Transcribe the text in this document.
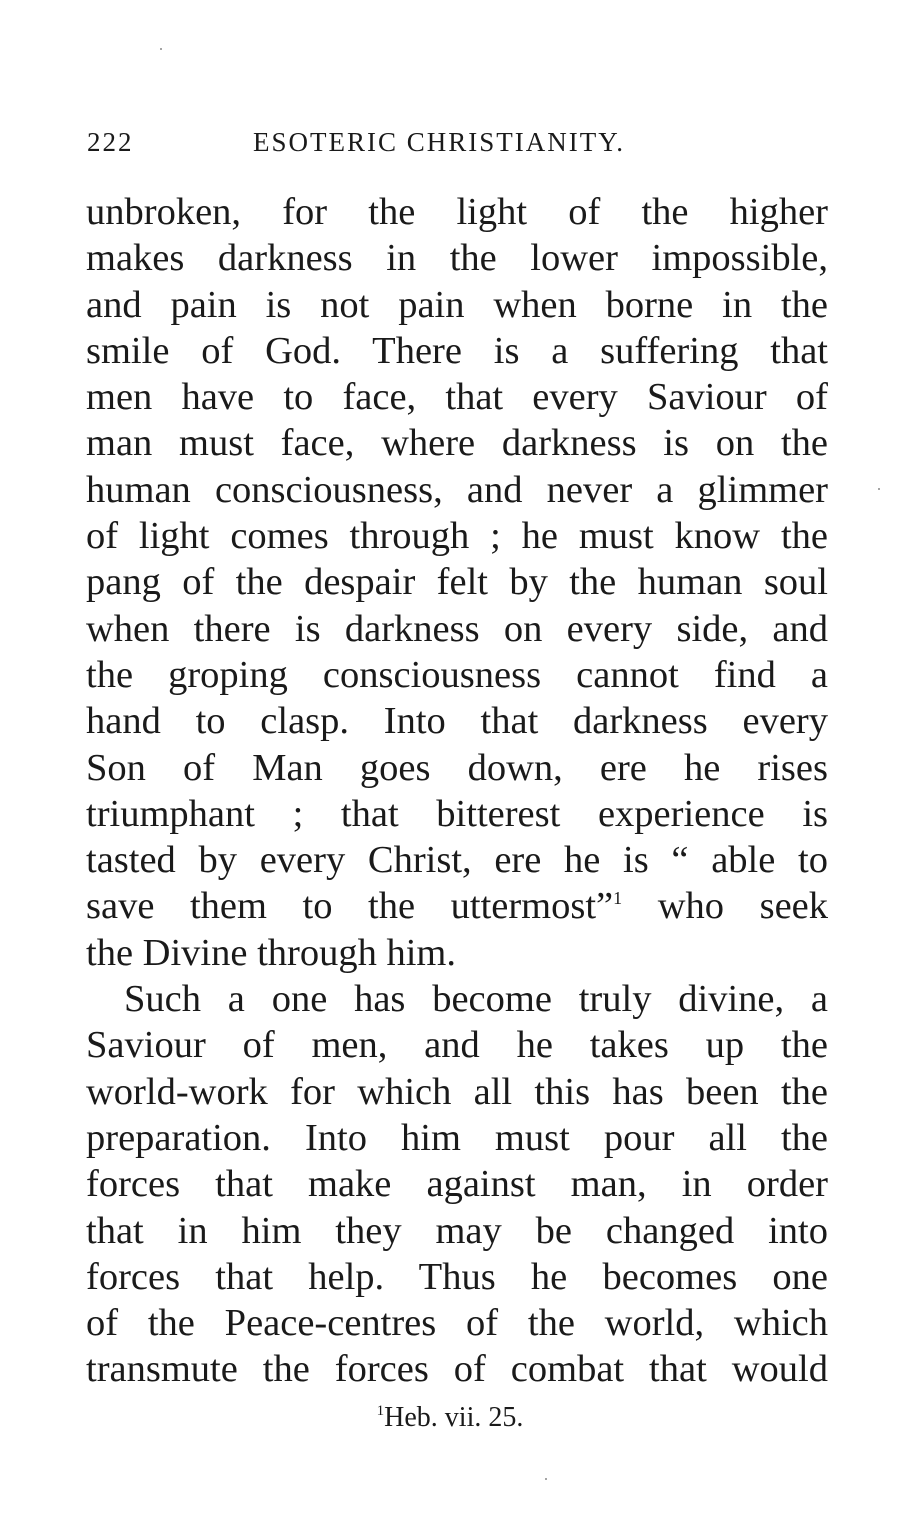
222	ESOTERIC CHRISTIANITY.
unbroken, for the light of the higher
makes darkness in the lower impossible,
and pain is not pain when borne in the
smile of God. There is a suffering that
men have to face, that every Saviour of
man must face, where darkness is on the
human consciousness, and never a glimmer
of light comes through ; he must know the
pang of the despair felt by the human soul
when there is darkness on every side, and
the groping consciousness cannot find a
hand to clasp. Into that darkness every
Son of Man goes down, ere he rises
triumphant ; that bitterest experience is
tasted by every Christ, ere he is “ able to
save them to the uttermost”$^1$ who seek
the Divine through him.
Such a one has become truly divine, a
Saviour of men, and he takes up the
world-work for which all this has been the
preparation. Into him must pour all the
forces that make against man, in order
that in him they may be changed into
forces that help. Thus he becomes one
of the Peace-centres of the world, which
transmute the forces of combat that would
$^1$Heb. vii. 25.
